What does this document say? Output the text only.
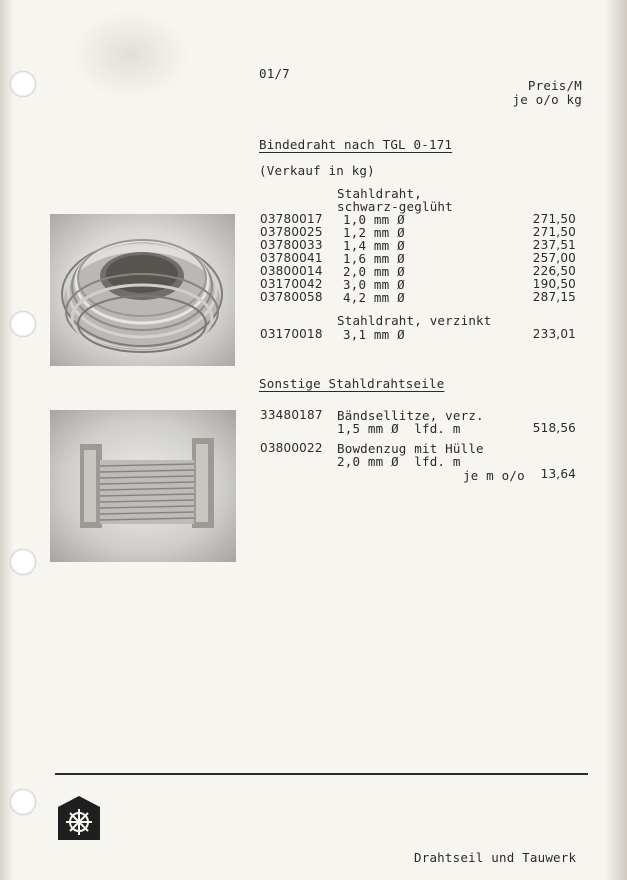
01/7
Preis/M
je o/o kg
Bindedraht nach TGL 0-171
(Verkauf in kg)
Stahldraht,
schwarz-geglüht
03780017 1,0 mm Ø	271,50
03780025 1,2 mm Ø	271,50
03780033 1,4 mm Ø	237,51
03780041 1,6 mm Ø	257,00
03800014 2,0 mm Ø	226,50
03170042 3,0 mm Ø	190,50
03780058 4,2 mm Ø	287,15
Stahldraht, verzinkt
03170018 3,1 mm Ø	233,01
Sonstige Stahldrahtseile
33480187 Bändsellitze, verz.
1,5 mm Ø  lfd. m	518,56
03800022 Bowdenzug mit Hülle
2,0 mm Ø  lfd. m
je m o/o	13,64
Drahtseil und Tauwerk
